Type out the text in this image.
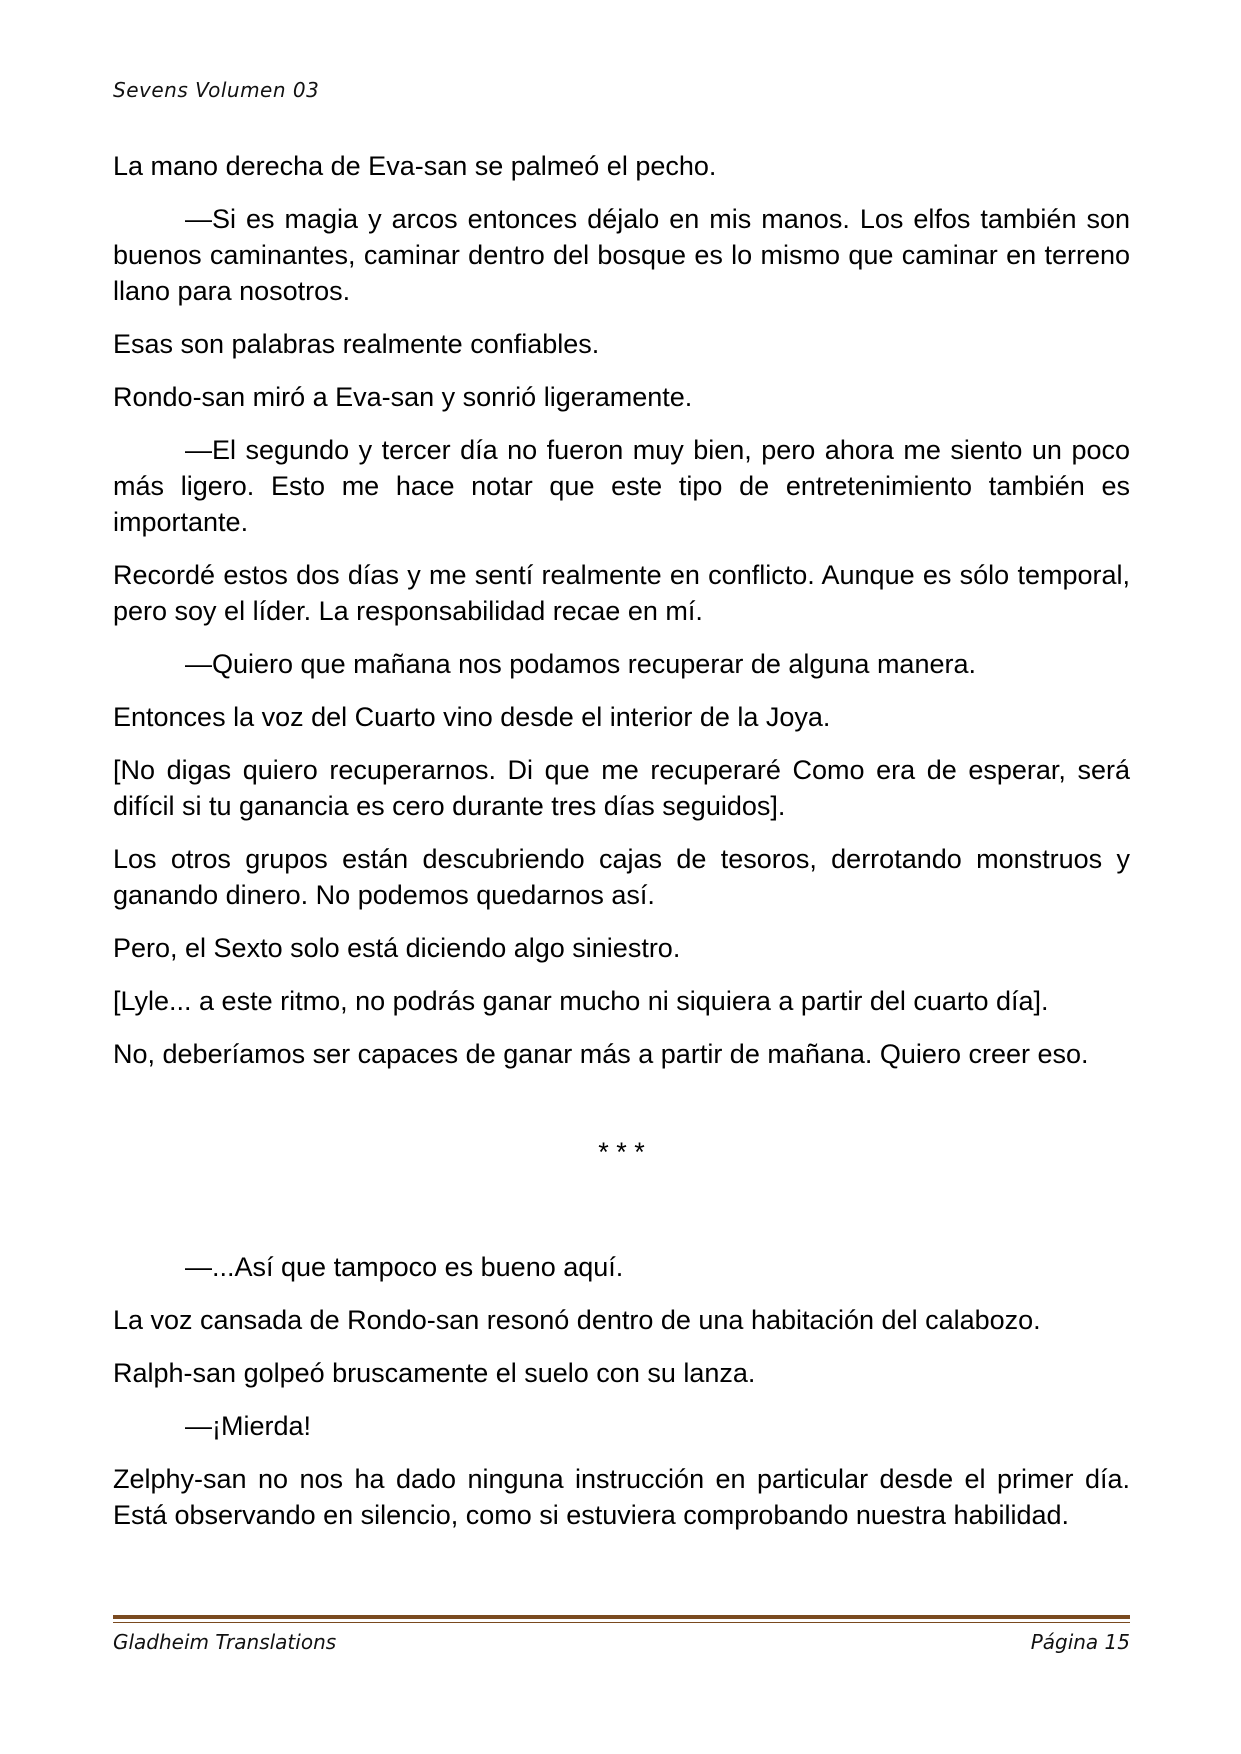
Sevens Volumen 03

La mano derecha de Eva-san se palmeó el pecho.

—Si es magia y arcos entonces déjalo en mis manos. Los elfos también son buenos caminantes, caminar dentro del bosque es lo mismo que caminar en terreno llano para nosotros.

Esas son palabras realmente confiables.

Rondo-san miró a Eva-san y sonrió ligeramente.

—El segundo y tercer día no fueron muy bien, pero ahora me siento un poco más ligero. Esto me hace notar que este tipo de entretenimiento también es importante.

Recordé estos dos días y me sentí realmente en conflicto. Aunque es sólo temporal, pero soy el líder. La responsabilidad recae en mí.

—Quiero que mañana nos podamos recuperar de alguna manera.

Entonces la voz del Cuarto vino desde el interior de la Joya.

[No digas quiero recuperarnos. Di que me recuperaré Como era de esperar, será difícil si tu ganancia es cero durante tres días seguidos].

Los otros grupos están descubriendo cajas de tesoros, derrotando monstruos y ganando dinero. No podemos quedarnos así.

Pero, el Sexto solo está diciendo algo siniestro.

[Lyle... a este ritmo, no podrás ganar mucho ni siquiera a partir del cuarto día].

No, deberíamos ser capaces de ganar más a partir de mañana. Quiero creer eso.

* * *

—...Así que tampoco es bueno aquí.

La voz cansada de Rondo-san resonó dentro de una habitación del calabozo.

Ralph-san golpeó bruscamente el suelo con su lanza.

—¡Mierda!

Zelphy-san no nos ha dado ninguna instrucción en particular desde el primer día. Está observando en silencio, como si estuviera comprobando nuestra habilidad.

Gladheim Translations	Página 15
